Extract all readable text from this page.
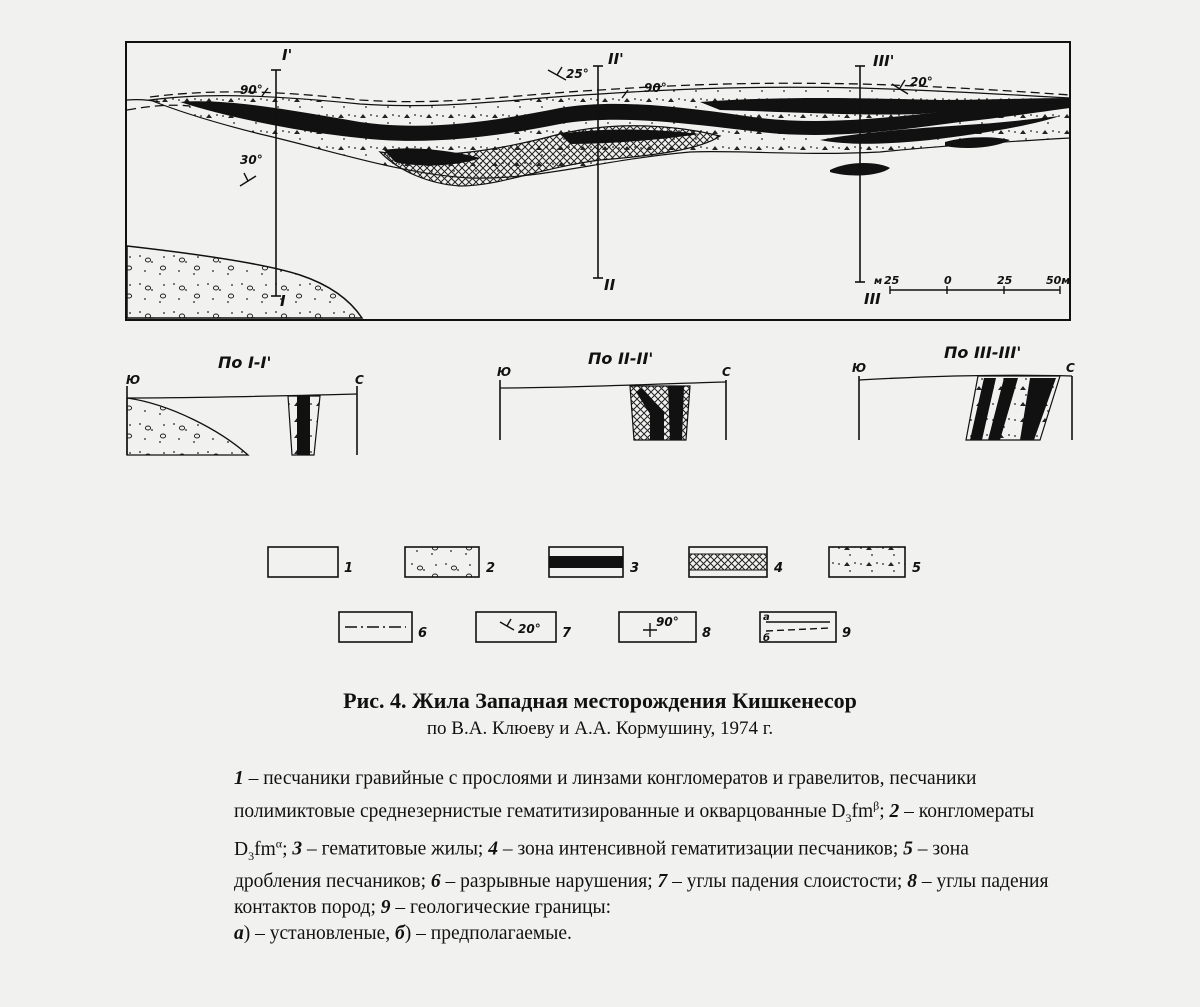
I'
I
II'
II
III'
III
90°
30°
25°
90°	20°
м 25	0	25	50м
По I-I'
Ю	С
По II-II'
Ю	С
По III-III'
Ю	С
1	2	3	4	5
6	20° 7
90°
8
а
б	9
Рис. 4. Жила Западная месторождения Кишкенесор
по В.А. Клюеву и А.А. Кормушину, 1974 г.
1 – песчаники гравийные с прослоями и линзами конгломератов и гравелитов, песчаники полимиктовые среднезернистые гематитизированные и окварцованные $D_3fm^\beta$; 2 – конгломераты $D_3fm^\alpha$; 3 – гематитовые жилы; 4 – зона интенсивной гематитизации песчаников; 5 – зона дробления песчаников; 6 – разрывные нарушения; 7 – углы падения слоистости; 8 – углы падения контактов пород; 9 – геологические границы:
а) – установленые, б) – предполагаемые.
